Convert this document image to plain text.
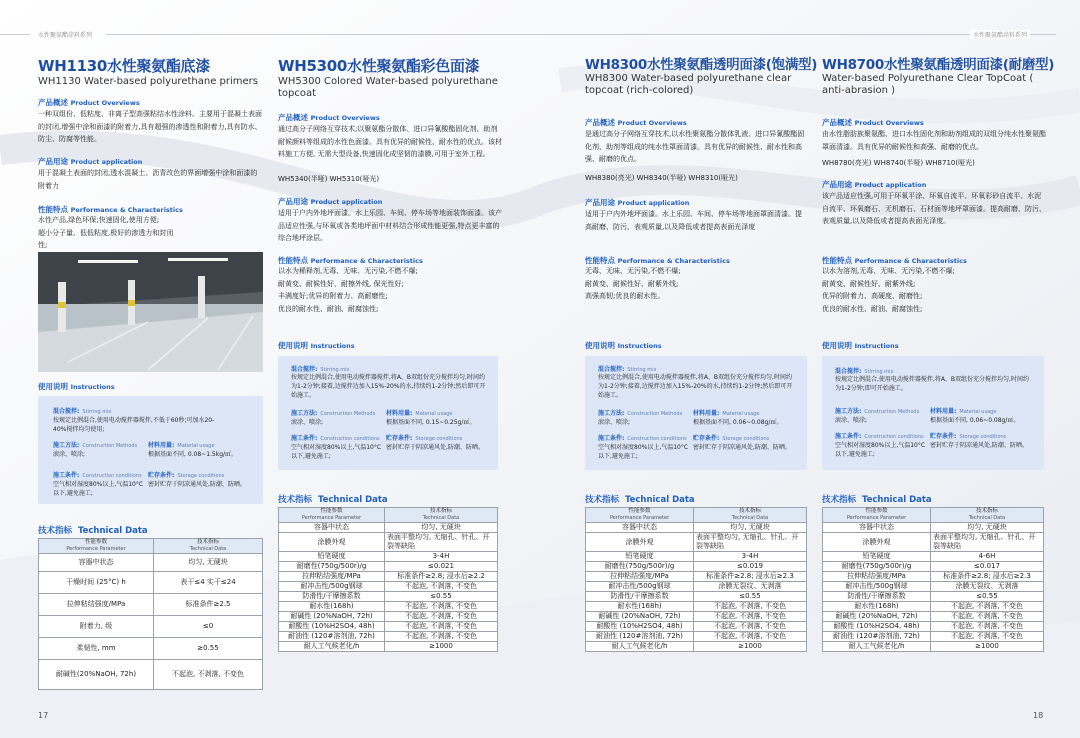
水性聚氨酯涂料系列	水性聚氨酯涂料系列
WH1130水性聚氨酯底漆
WH1130 Water-based polyurethane primers
产品概述 Product Overviews
一种双组份、低粘度、非离子型高强粘结水性涂料。主要用于混凝土表面的封闭,增强中涂和面漆的附着力,具有超强的渗透性和附着力,具有防水、防尘、防腐等性能。
产品用途 Product application
用于混凝土表面的封闭,透水混凝土、沥青改色的界面增强中涂和面漆的附着力
性能特点 Performance & Characteristics
水性产品,绿色环保;快速固化,使用方便;
超小分子量、低低粘度,极好的渗透力和封闭性;
使用说明 Instructions
混合搅拌: Stirring mix
按规定比例混合,使用电动搅拌器搅拌,不低于60秒;可加水20-40%搅拌均匀使用;
施工方法: Construction Methods
滚涂、喷涂;
材料用量: Material usage
根据基面不同, 0.08~1.5kg/㎡。
施工条件: Construction conditions
空气相对湿度80%以上,气温10°C以下,避免施工;
贮存条件: Storage conditions
密封贮存于阴凉通风处,防潮、防晒。
技术指标 Technical Data
性能参数
Performance Parameter	技术指标
Technical Data

容器中状态	均匀, 无硬块
干燥时间 (25°C) h	表干≤4 实干≤24
拉伸粘结强度/MPa	标准条件≥2.5
附着力, 级	≤0
柔韧性, mm	≥0.55
耐碱性(20%NaOH, 72h)	不起泡, 不剥落, 不变色
WH5300水性聚氨酯彩色面漆
WH5300 Colored Water-based polyurethane topcoat
产品概述 Product Overviews
通过高分子网络互穿技术;以聚氨酯分散体、进口异氰酸酯固化剂、助剂耐候颜料等组成的水性色面漆。具有优异的耐候性、耐水性的优点。该材料施工方便, 无需大型设备,快速固化成坚韧的漆膜,可用于室外工程。
WH5340(半哑) WH5310(哑光)
产品用途 Product application
适用于户内外地坪面漆。水上乐园、车间、停车场等地面装饰面漆。该产品适应性强,与环氧或各类地坪面中材料结合形成性能更强,特点更丰富的综合地坪涂层。
性能特点 Performance & Characteristics
以水为稀释剂,无毒、无味、无污染,不燃不爆;
耐黄变、耐候性好、耐擦外线, 保光性好;
丰满度好;优异的附着力、高耐磨性;
优良的耐水性、耐油、耐腐蚀性;
使用说明 Instructions
混合搅拌: Stirring mix
按规定比例混合,使用电动搅拌器搅拌,将A、B双组份充分搅拌均匀,时间约为1-2分钟;接着,边搅拌边加入15%-20%的水,持续约1-2分钟;然后即可开始施工。
施工方法: Construction Methods
滚涂、喷涂;
材料用量: Material usage
根据基面不同, 0.15~0.25g/㎡。
施工条件: Construction conditions
空气相对湿度80%以上,气温10°C以下,避免施工;
贮存条件: Storage conditions
密封贮存于阴凉通风处,防潮、防晒。
技术指标 Technical Data
性能参数
Performance Parameter	技术指标
Technical Data

容器中状态	均匀, 无硬块
涂膜外观	表面平整均匀, 无缩孔、针孔、开裂等缺陷
铅笔硬度	3-4H
耐磨性(750g/500r)/g	≤0.021
拉伸粘结强度/MPa	标准条件≥2.8; 浸水后≥2.2
耐冲击性/500g钢球	不起泡, 不剥落, 不变色
防滑性/干摩擦系数	≤0.55
耐水性(168h)	不起泡, 不剥落, 不变色
耐碱性 (20%NaOH, 72h)	不起泡, 不剥落, 不变色
耐酸性 (10%H2SO4, 48h)	不起泡, 不剥落, 不变色
耐油性 (120#溶剂油, 72h)	不起泡, 不剥落, 不变色
耐人工气候老化/h	≥1000
WH8300水性聚氨酯透明面漆(饱满型)
WH8300 Water-based polyurethane clear topcoat (rich-colored)
产品概述 Product Overviews
是通过高分子网络互穿技术,以水性聚氨酯分散体乳液、进口异氰酸酯固化剂、助剂等组成的纯水性罩面清漆。具有优异的耐候性、耐水性和高强、耐磨的优点。
WH8380(亮光) WH8340(半哑) WH8310(哑光)
产品用途 Product application
适用于户内外地坪面漆。水上乐园、车间、停车场等地面罩面清漆。提高耐磨、防污、表观质量,以及降低或者提高表面光泽度
性能特点 Performance & Characteristics
无毒、无味、无污染,不燃不爆;
耐黄变、耐候性好、耐紫外线;
高强高韧;优良的耐水性。
使用说明 Instructions
混合搅拌: Stirring mix
按规定比例混合,使用电动搅拌器搅拌,将A、B双组份充分搅拌均匀,时间约为1-2分钟;接着,边搅拌边加入15%-20%的水,持续约1-2分钟;然后即可开始施工。
施工方法: Construction Methods
滚涂、喷涂;
材料用量: Material usage
根据基面不同, 0.06~0.08g/㎡。
施工条件: Construction conditions
空气相对湿度80%以上,气温10°C以下,避免施工;
贮存条件: Storage conditions
密封贮存于阴凉通风处,防潮、防晒。
技术指标 Technical Data
性能参数
Performance Parameter	技术指标
Technical Data

容器中状态	均匀, 无硬块
涂膜外观	表面平整均匀, 无缩孔、针孔、开裂等缺陷
铅笔硬度	3-4H
耐磨性(750g/500r)/g	≤0.019
拉伸粘结强度/MPa	标准条件≥2.8; 浸水后≥2.3
耐冲击性/500g钢球	涂膜无裂纹、无剥落
防滑性/干摩擦系数	≤0.55
耐水性(168h)	不起泡, 不剥落, 不变色
耐碱性 (20%NaOH, 72h)	不起泡, 不剥落, 不变色
耐酸性 (10%H2SO4, 48h)	不起泡, 不剥落, 不变色
耐油性 (120#溶剂油, 72h)	不起泡, 不剥落, 不变色
耐人工气候老化/h	≥1000
WH8700水性聚氨酯透明面漆(耐磨型)
Water-based Polyurethane Clear TopCoat ( anti-abrasion )
产品概述 Product Overviews
由水性脂肪族聚氨酯、进口水性固化剂和助剂组成的双组分纯水性聚氨酯罩面清漆。具有优异的耐候性和高强、耐磨的优点。
WH8780(亮光) WH8740(半哑) WH8710(哑光)
产品用途 Product application
该产品适应性强,可用于环氧平涂、环氧自流平、环氧彩砂自流平、水泥自流平、环氧磨石、无机磨石、石材面等地坪罩面漆。提高耐磨、防污、表观质量,以及降低或者提高表面光泽度。
性能特点 Performance & Characteristics
以水为溶剂,无毒、无味、无污染,不燃不爆;
耐黄变、耐候性好、耐紫外线;
优异的附着力、高硬度、耐磨性;
优良的耐水性、耐油、耐腐蚀性;
使用说明 Instructions
混合搅拌: Stirring mix
按规定比例混合,使用电动搅拌器搅拌,将A、B双组份充分搅拌均匀,时间约为1-2分钟;即可开始施工。
施工方法: Construction Methods
滚涂、喷涂;
材料用量: Material usage
根据基面不同, 0.06~0.08g/㎡。
施工条件: Construction conditions
空气相对湿度80%以上,气温10°C以下,避免施工;
贮存条件: Storage conditions
密封贮存于阴凉通风处,防潮、防晒。
技术指标 Technical Data
性能参数
Performance Parameter	技术指标
Technical Data

容器中状态	均匀, 无硬块
涂膜外观	表面平整均匀, 无缩孔、针孔、开裂等缺陷
铅笔硬度	4-6H
耐磨性(750g/500r)/g	≤0.017
拉伸粘结强度/MPa	标准条件≥2.8; 浸水后≥2.3
耐冲击性/500g钢球	涂膜无裂纹、无剥落
防滑性/干摩擦系数	≤0.55
耐水性(168h)	不起泡, 不剥落, 不变色
耐碱性 (20%NaOH, 72h)	不起泡, 不剥落, 不变色
耐酸性 (10%H2SO4, 48h)	不起泡, 不剥落, 不变色
耐油性 (120#溶剂油, 72h)	不起泡, 不剥落, 不变色
耐人工气候老化/h	≥1000
17	18
